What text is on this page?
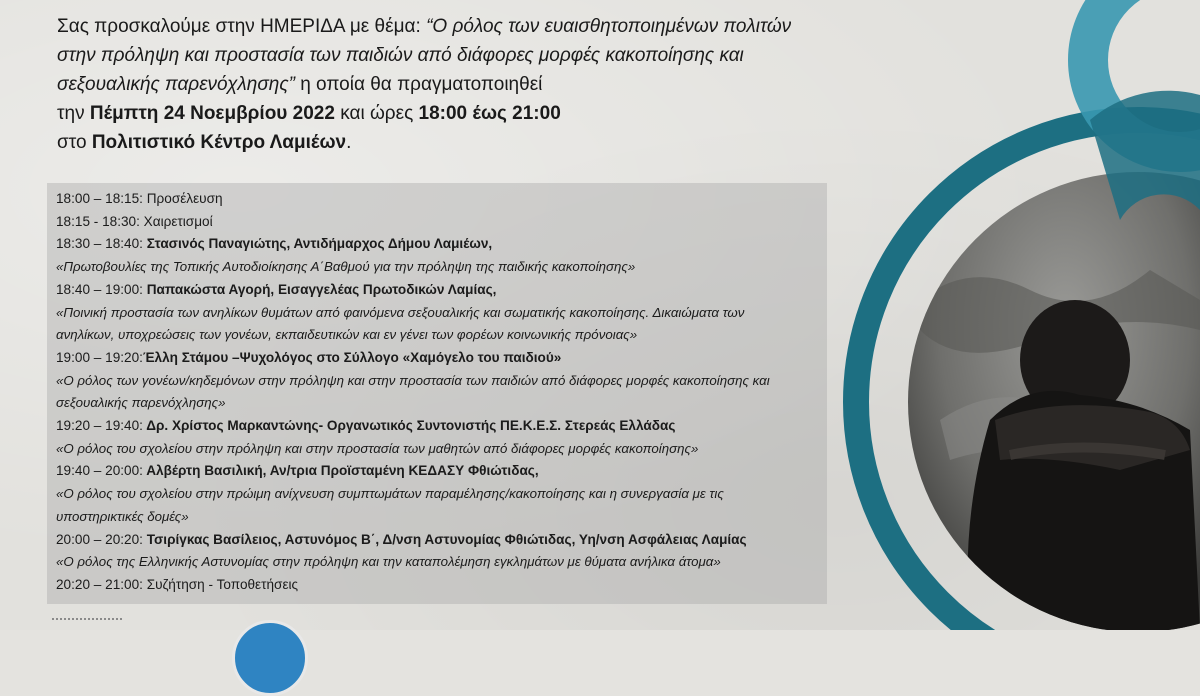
Σας προσκαλούμε στην ΗΜΕΡΙΔΑ με θέμα: “Ο ρόλος των ευαισθητοποιημένων πολιτών
στην πρόληψη και προστασία των παιδιών από διάφορες μορφές κακοποίησης και
σεξουαλικής παρενόχλησης” η οποία θα πραγματοποιηθεί
την Πέμπτη 24 Νοεμβρίου 2022 και ώρες 18:00 έως 21:00
στο Πολιτιστικό Κέντρο Λαμιέων.
18:00 – 18:15: Προσέλευση
18:15 - 18:30: Χαιρετισμοί
18:30 – 18:40: Στασινός Παναγιώτης, Αντιδήμαρχος Δήμου Λαμιέων,
«Πρωτοβουλίες της Τοπικής Αυτοδιοίκησης Α΄Βαθμού για την πρόληψη της παιδικής κακοποίησης»
18:40 – 19:00: Παπακώστα Αγορή, Εισαγγελέας Πρωτοδικών Λαμίας,
«Ποινική προστασία των ανηλίκων θυμάτων από φαινόμενα σεξουαλικής και σωματικής κακοποίησης. Δικαιώματα των
ανηλίκων, υποχρεώσεις των γονέων, εκπαιδευτικών και εν γένει των φορέων κοινωνικής πρόνοιας»
19:00 – 19:20:Έλλη Στάμου –Ψυχολόγος στο Σύλλογο «Χαμόγελο του παιδιού»
«Ο ρόλος των γονέων/κηδεμόνων στην πρόληψη και στην προστασία των παιδιών από διάφορες μορφές κακοποίησης και
σεξουαλικής παρενόχλησης»
19:20 – 19:40: Δρ. Χρίστος Μαρκαντώνης- Οργανωτικός Συντονιστής ΠΕ.Κ.Ε.Σ. Στερεάς Ελλάδας
«Ο ρόλος του σχολείου στην πρόληψη και στην προστασία των μαθητών από διάφορες μορφές κακοποίησης»
19:40 – 20:00: Αλβέρτη Βασιλική, Αν/τρια Προϊσταμένη ΚΕΔΑΣΥ Φθιώτιδας,
«Ο ρόλος του σχολείου στην πρώιμη ανίχνευση συμπτωμάτων παραμέλησης/κακοποίησης και η συνεργασία με τις
υποστηρικτικές δομές»
20:00 – 20:20: Τσιρίγκας Βασίλειος, Αστυνόμος Β΄, Δ/νση Αστυνομίας Φθιώτιδας, Υη/νση Ασφάλειας Λαμίας
«Ο ρόλος της Ελληνικής Αστυνομίας στην πρόληψη και την καταπολέμηση εγκλημάτων με θύματα ανήλικα άτομα»
20:20 – 21:00: Συζήτηση - Τοποθετήσεις
